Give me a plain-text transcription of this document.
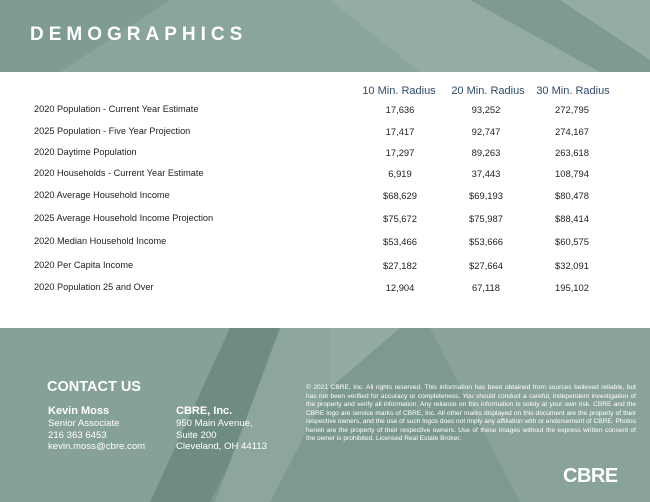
DEMOGRAPHICS
10 Min. Radius	20 Min. Radius	30 Min. Radius
2020 Population - Current Year Estimate	17,636	93,252	272,795
2025 Population - Five Year Projection	17,417	92,747	274,167
2020 Daytime Population	17,297	89,263	263,618
2020 Households - Current Year Estimate	6,919	37,443	108,794
2020 Average Household Income	$68,629	$69,193	$80,478
2025 Average Household Income Projection	$75,672	$75,987	$88,414
2020 Median Household Income	$53,466	$53,666	$60,575
2020 Per Capita Income	$27,182	$27,664	$32,091
2020 Population 25 and Over	12,904	67,118	195,102
CONTACT US
Kevin Moss
Senior Associate
216 363 6453
kevin.moss@cbre.com
CBRE, Inc.
950 Main Avenue,
Suite 200
Cleveland, OH 44113
© 2021 CBRE, Inc. All rights reserved. This information has been obtained from sources believed reliable, but has not been verified for accuracy or completeness. You should conduct a careful, independent investigation of the property and verify all information. Any reliance on this information is solely at your own risk. CBRE and the CBRE logo are service marks of CBRE, Inc. All other marks displayed on this document are the property of their respective owners, and the use of such logos does not imply any affiliation with or endorsement of CBRE. Photos herein are the property of their respective owners. Use of these images without the express written consent of the owner is prohibited. Licensed Real Estate Broker.
CBRE
